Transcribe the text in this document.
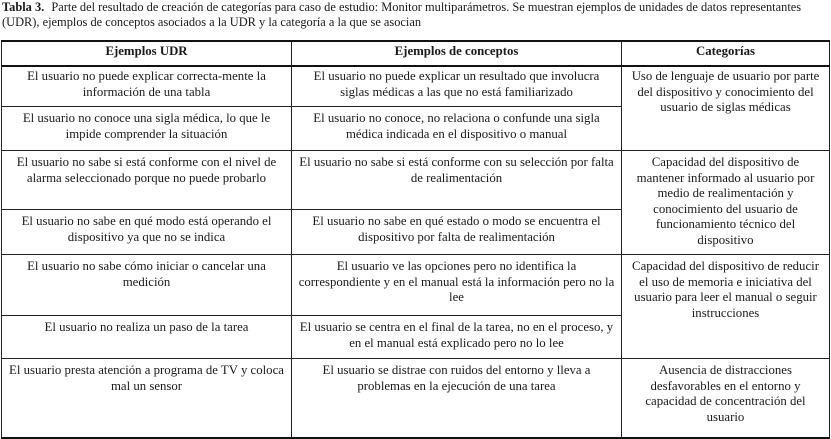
Tabla 3. Parte del resultado de creación de categorías para caso de estudio: Monitor multiparámetros. Se muestran ejemplos de unidades de datos representantes (UDR), ejemplos de conceptos asociados a la UDR y la categoría a la que se asocian
Ejemplos UDR	Ejemplos de conceptos	Categorías
El usuario no puede explicar correcta-mente la información de una tabla	El usuario no puede explicar un resultado que involucra siglas médicas a las que no está familiarizado	Uso de lenguaje de usuario por parte del dispositivo y conocimiento del usuario de siglas médicas
El usuario no conoce una sigla médica, lo que le impide comprender la situación	El usuario no conoce, no relaciona o confunde una sigla médica indicada en el dispositivo o manual	
El usuario no sabe si está conforme con el nivel de alarma seleccionado porque no puede probarlo	El usuario no sabe si está conforme con su selección por falta de realimentación	Capacidad del dispositivo de mantener informado al usuario por medio de realimentación y conocimiento del usuario de funcionamiento técnico del dispositivo
El usuario no sabe en qué modo está operando el dispositivo ya que no se indica	El usuario no sabe en qué estado o modo se encuentra el dispositivo por falta de realimentación	
El usuario no sabe cómo iniciar o cancelar una medición	El usuario ve las opciones pero no identifica la correspondiente y en el manual está la información pero no la lee	Capacidad del dispositivo de reducir el uso de memoria e iniciativa del usuario para leer el manual o seguir instrucciones
El usuario no realiza un paso de la tarea	El usuario se centra en el final de la tarea, no en el proceso, y en el manual está explicado pero no lo lee	
El usuario presta atención a programa de TV y coloca mal un sensor	El usuario se distrae con ruidos del entorno y lleva a problemas en la ejecución de una tarea	Ausencia de distracciones desfavorables en el entorno y capacidad de concentración del usuario
